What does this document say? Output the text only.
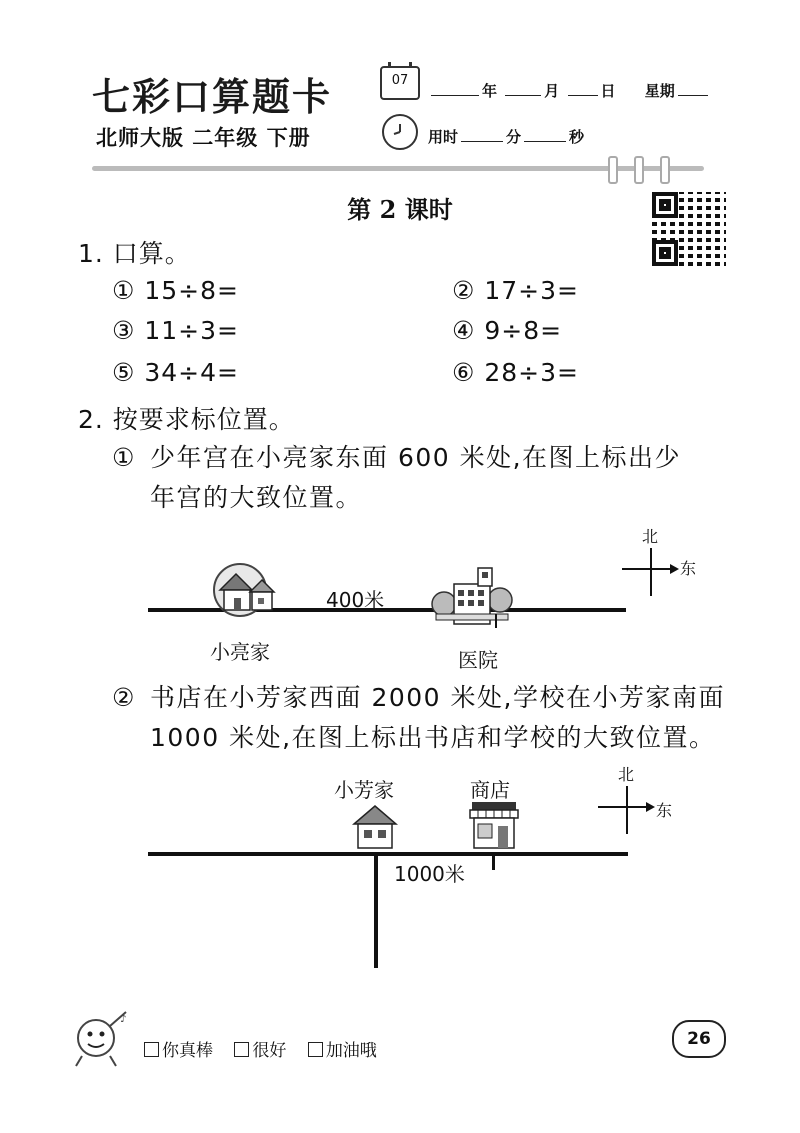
七彩口算题卡
北师大版 二年级 下册
07
年	月	日 星期
用时	分	秒
第 2 课时
1. 口算。
① 15÷8=	② 17÷3=
③ 11÷3=	④ 9÷8=
⑤ 34÷4=	⑥ 28÷3=
2. 按要求标位置。
① 少年宫在小亮家东面 600 米处,在图上标出少
年宫的大致位置。
小亮家
400米
医院
北
东
② 书店在小芳家西面 2000 米处,学校在小芳家南面
1000 米处,在图上标出书店和学校的大致位置。
小芳家	商店
1000米
北
东
♪
你真棒 很好 加油哦
26
